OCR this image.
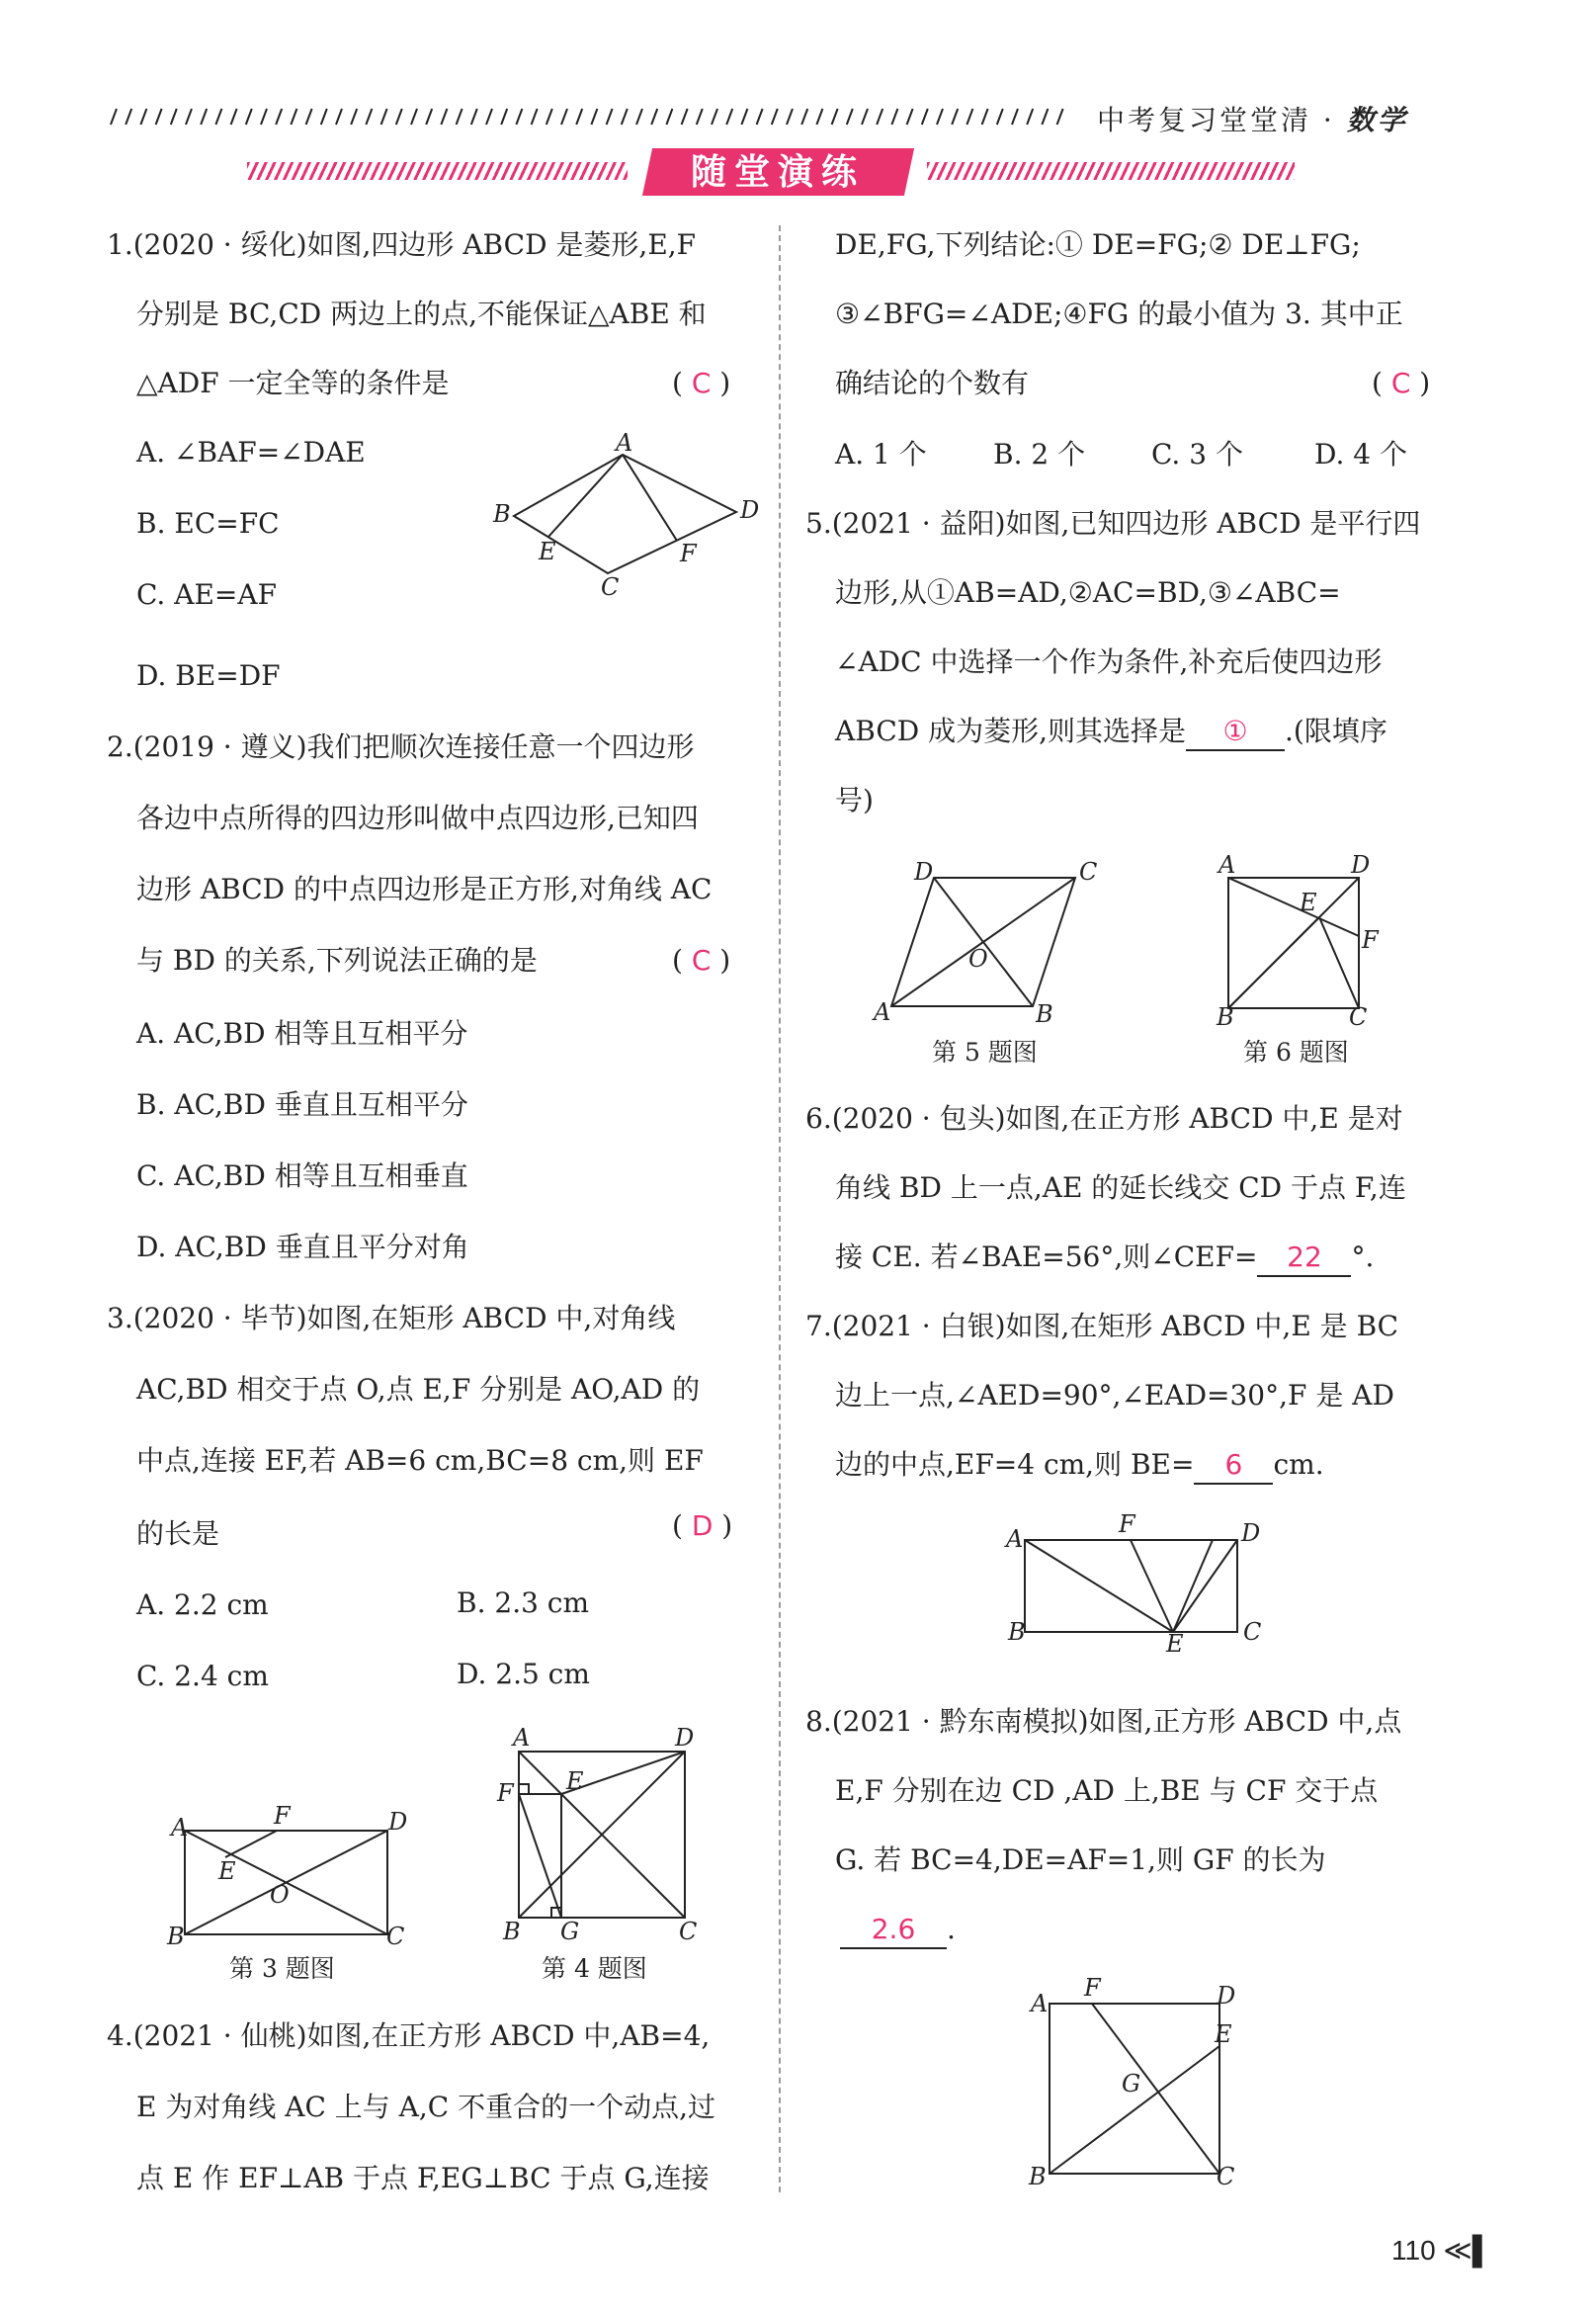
中考复习堂堂清 · 数学
随堂演练
1.(2020 · 绥化)如图,四边形 ABCD 是菱形,E,F
分别是 BC,CD 两边上的点,不能保证△ABE 和
△ADF 一定全等的条件是	( C )
A. ∠BAF=∠DAE
B. EC=FC
C. AE=AF
D. BE=DF
A
B
C
D
E	F
2.(2019 · 遵义)我们把顺次连接任意一个四边形
各边中点所得的四边形叫做中点四边形,已知四
边形 ABCD 的中点四边形是正方形,对角线 AC
与 BD 的关系,下列说法正确的是	( C )
A. AC,BD 相等且互相平分
B. AC,BD 垂直且互相平分
C. AC,BD 相等且互相垂直
D. AC,BD 垂直且平分对角
3.(2020 · 毕节)如图,在矩形 ABCD 中,对角线
AC,BD 相交于点 O,点 E,F 分别是 AO,AD 的
中点,连接 EF,若 AB=6 cm,BC=8 cm,则 EF
的长是	( D )
A. 2.2 cm	B. 2.3 cm
C. 2.4 cm	D. 2.5 cm
A
B	C
D
E
F
O
第 3 题图
A
B	C
D
E
F
G
第 4 题图
4.(2021 · 仙桃)如图,在正方形 ABCD 中,AB=4,
E 为对角线 AC 上与 A,C 不重合的一个动点,过
点 E 作 EF⊥AB 于点 F,EG⊥BC 于点 G,连接
DE,FG,下列结论:① DE=FG;② DE⊥FG;
③∠BFG=∠ADE;④FG 的最小值为 3. 其中正
确结论的个数有	( C )
A. 1 个 B. 2 个 C. 3 个	D. 4 个
5.(2021 · 益阳)如图,已知四边形 ABCD 是平行四
边形,从①AB=AD,②AC=BD,③∠ABC=
∠ADC 中选择一个作为条件,补充后使四边形
ABCD 成为菱形,则其选择是 ① .(限填序
号)
A	B
C
D
O
第 5 题图
A
B	C
D
E
F
第 6 题图
6.(2020 · 包头)如图,在正方形 ABCD 中,E 是对
角线 BD 上一点,AE 的延长线交 CD 于点 F,连
接 CE. 若∠BAE=56°,则∠CEF= 22 °.
7.(2021 · 白银)如图,在矩形 ABCD 中,E 是 BC
边上一点,∠AED=90°,∠EAD=30°,F 是 AD
边的中点,EF=4 cm,则 BE= 6 cm.
A
B	C
D
E
F
8.(2021 · 黔东南模拟)如图,正方形 ABCD 中,点
E,F 分别在边 CD ,AD 上,BE 与 CF 交于点
G. 若 BC=4,DE=AF=1,则 GF 的长为
2.6 .
A
B	C
D
E
F
G
110 ≪▌
